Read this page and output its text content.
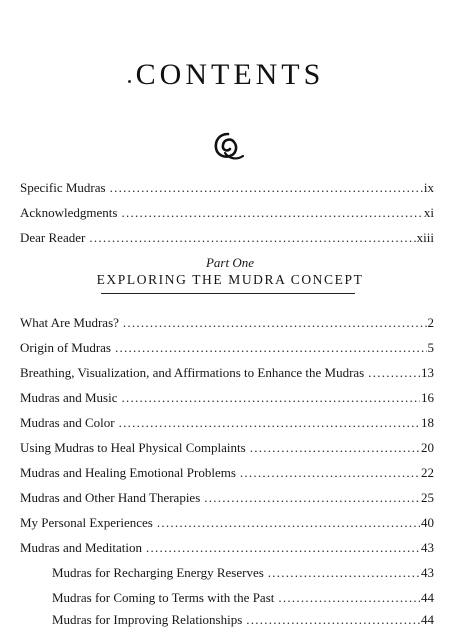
CONTENTS
Specific Mudras . . .	ix
Acknowledgments . . .	xi
Dear Reader . . .	xiii
Part One
EXPLORING THE MUDRA CONCEPT
What Are Mudras? . . .	2
Origin of Mudras . . .	5
Breathing, Visualization, and Affirmations to Enhance the Mudras . . .	13
Mudras and Music . . .	16
Mudras and Color . . .	18
Using Mudras to Heal Physical Complaints . . .	20
Mudras and Healing Emotional Problems . . .	22
Mudras and Other Hand Therapies . . .	25
My Personal Experiences . . .	40
Mudras and Meditation . . .	43
Mudras for Recharging Energy Reserves . . .	43
Mudras for Coming to Terms with the Past . . .	44
Mudras for Improving Relationships . . .	44
